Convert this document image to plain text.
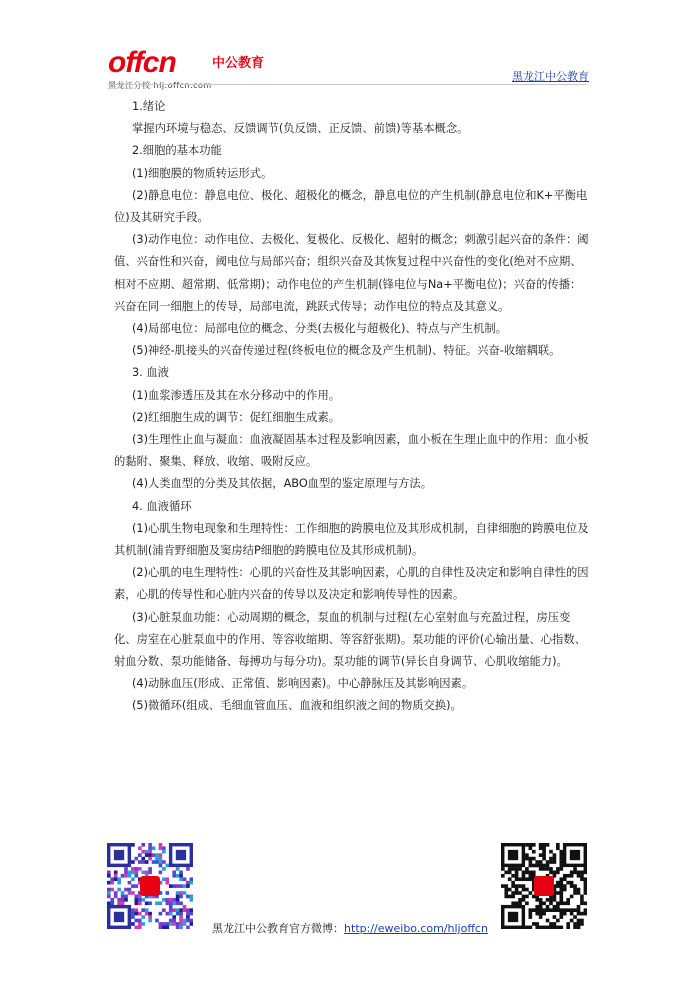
offcn	中公教育
黑龙江分校 hlj.offcn.com
黑龙江中公教育

1.绪论

掌握内环境与稳态、反馈调节(负反馈、正反馈、前馈)等基本概念。

2.细胞的基本功能

(1)细胞膜的物质转运形式。

(2)静息电位：静息电位、极化、超极化的概念，静息电位的产生机制(静息电位和K+平衡电位)及其研究手段。

(3)动作电位：动作电位、去极化、复极化、反极化、超射的概念；刺激引起兴奋的条件：阈值、兴奋性和兴奋，阈电位与局部兴奋；组织兴奋及其恢复过程中兴奋性的变化(绝对不应期、相对不应期、超常期、低常期)；动作电位的产生机制(锋电位与Na+平衡电位)；兴奋的传播：兴奋在同一细胞上的传导，局部电流，跳跃式传导；动作电位的特点及其意义。

(4)局部电位：局部电位的概念、分类(去极化与超极化)、特点与产生机制。

(5)神经-肌接头的兴奋传递过程(终板电位的概念及产生机制)、特征。兴奋-收缩耦联。

3. 血液

(1)血浆渗透压及其在水分移动中的作用。

(2)红细胞生成的调节：促红细胞生成素。

(3)生理性止血与凝血：血液凝固基本过程及影响因素，血小板在生理止血中的作用：血小板的黏附、聚集、释放、收缩、吸附反应。

(4)人类血型的分类及其依据，ABO血型的鉴定原理与方法。

4. 血液循环

(1)心肌生物电现象和生理特性：工作细胞的跨膜电位及其形成机制，自律细胞的跨膜电位及其机制(浦肯野细胞及窦房结P细胞的跨膜电位及其形成机制)。

(2)心肌的电生理特性：心肌的兴奋性及其影响因素，心肌的自律性及决定和影响自律性的因素，心肌的传导性和心脏内兴奋的传导以及决定和影响传导性的因素。

(3)心脏泵血功能：心动周期的概念，泵血的机制与过程(左心室射血与充盈过程，房压变化、房室在心脏泵血中的作用、等容收缩期、等容舒张期)。泵功能的评价(心输出量、心指数、射血分数、泵功能储备、每搏功与每分功)。泵功能的调节(异长自身调节、心肌收缩能力)。

(4)动脉血压(形成、正常值、影响因素)。中心静脉压及其影响因素。

(5)微循环(组成、毛细血管血压、血液和组织液之间的物质交换)。

黑龙江中公教育官方微博：http://eweibo.com/hljoffcn
